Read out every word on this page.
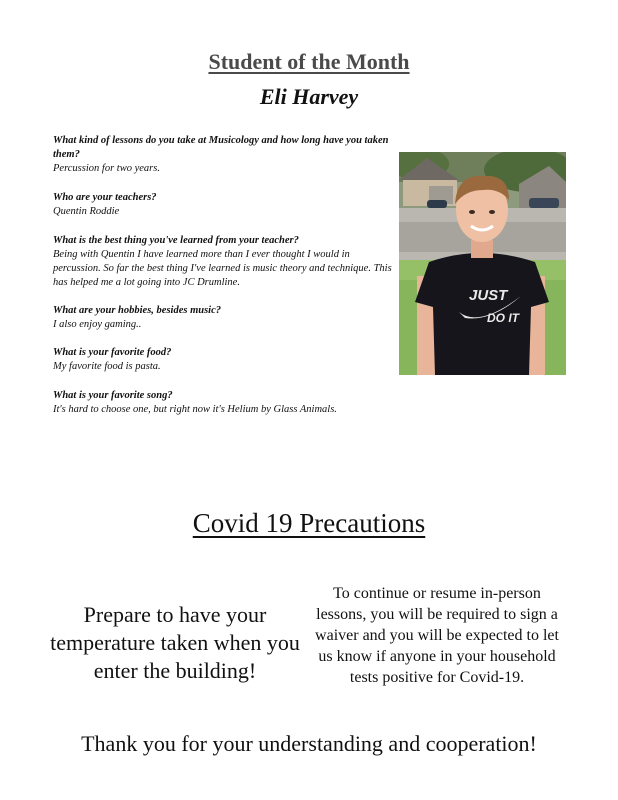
Student of the Month
Eli Harvey
What kind of lessons do you take at Musicology and how long have you taken them?
Percussion for two years.
Who are your teachers?
Quentin Roddie
What is the best thing you've learned from your teacher?
Being with Quentin I have learned more than I ever thought I would in percussion. So far the best thing I've learned is music theory and technique. This has helped me a lot going into JC Drumline.
What are your hobbies, besides music?
I also enjoy gaming..
What is your favorite food?
My favorite food is pasta.
What is your favorite song?
It's hard to choose one, but right now it's Helium by Glass Animals.
JUST
DO IT
Covid 19 Precautions
Prepare to have your temperature taken when you enter the building!
To continue or resume in-person lessons, you will be required to sign a waiver and you will be expected to let us know if anyone in your household tests positive for Covid-19.
Thank you for your understanding and cooperation!
